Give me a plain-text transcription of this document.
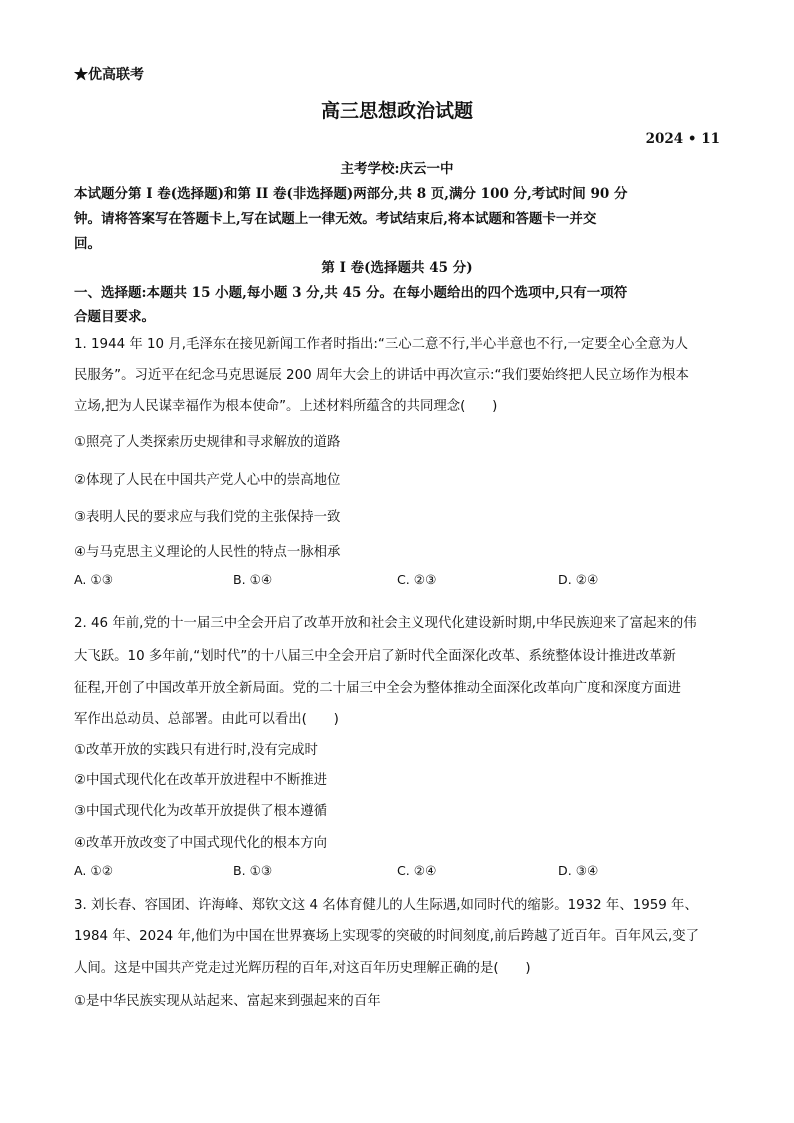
★优高联考
高三思想政治试题
2024 • 11
主考学校:庆云一中
本试题分第 I 卷(选择题)和第 II 卷(非选择题)两部分,共 8 页,满分 100 分,考试时间 90 分
钟。请将答案写在答题卡上,写在试题上一律无效。考试结束后,将本试题和答题卡一并交
回。
第 I 卷(选择题共 45 分)
一、选择题:本题共 15 小题,每小题 3 分,共 45 分。在每小题给出的四个选项中,只有一项符
合题目要求。
1. 1944 年 10 月,毛泽东在接见新闻工作者时指出:“三心二意不行,半心半意也不行,一定要全心全意为人
民服务”。习近平在纪念马克思诞辰 200 周年大会上的讲话中再次宣示:“我们要始终把人民立场作为根本
立场,把为人民谋幸福作为根本使命”。上述材料所蕴含的共同理念(　　)
①照亮了人类探索历史规律和寻求解放的道路
②体现了人民在中国共产党人心中的崇高地位
③表明人民的要求应与我们党的主张保持一致
④与马克思主义理论的人民性的特点一脉相承
A. ①③	B. ①④	C. ②③	D. ②④
2. 46 年前,党的十一届三中全会开启了改革开放和社会主义现代化建设新时期,中华民族迎来了富起来的伟
大飞跃。10 多年前,“划时代”的十八届三中全会开启了新时代全面深化改革、系统整体设计推进改革新
征程,开创了中国改革开放全新局面。党的二十届三中全会为整体推动全面深化改革向广度和深度方面进
军作出总动员、总部署。由此可以看出(　　)
①改革开放的实践只有进行时,没有完成时
②中国式现代化在改革开放进程中不断推进
③中国式现代化为改革开放提供了根本遵循
④改革开放改变了中国式现代化的根本方向
A. ①②	B. ①③	C. ②④	D. ③④
3. 刘长春、容国团、许海峰、郑钦文这 4 名体育健儿的人生际遇,如同时代的缩影。1932 年、1959 年、
1984 年、2024 年,他们为中国在世界赛场上实现零的突破的时间刻度,前后跨越了近百年。百年风云,变了
人间。这是中国共产党走过光辉历程的百年,对这百年历史理解正确的是(　　)
①是中华民族实现从站起来、富起来到强起来的百年
